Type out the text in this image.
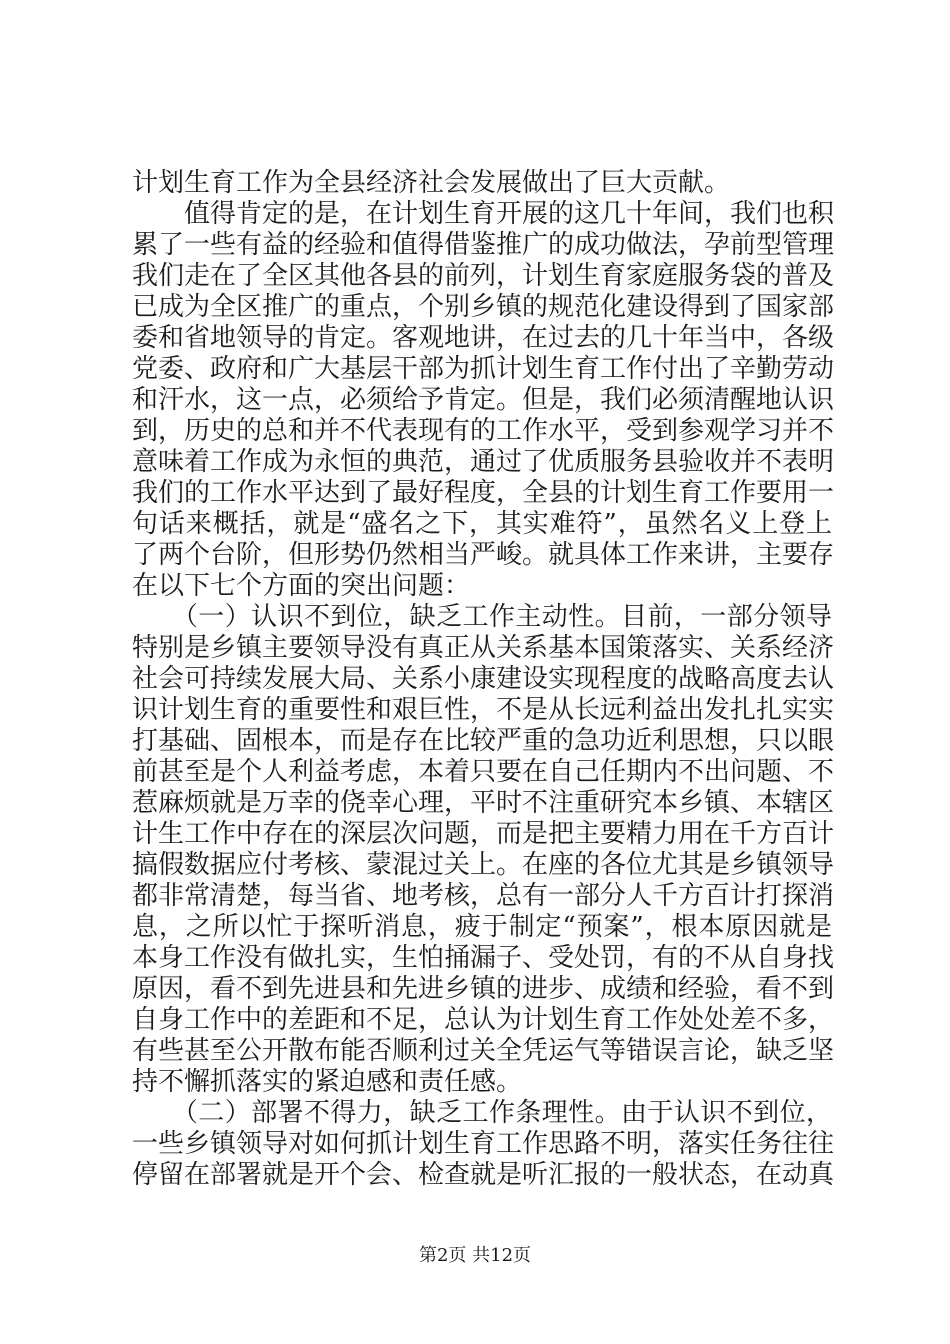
计划生育工作为全县经济社会发展做出了巨大贡献。
　　值得肯定的是，在计划生育开展的这几十年间，我们也积
累了一些有益的经验和值得借鉴推广的成功做法，孕前型管理
我们走在了全区其他各县的前列，计划生育家庭服务袋的普及
已成为全区推广的重点，个别乡镇的规范化建设得到了国家部
委和省地领导的肯定。客观地讲，在过去的几十年当中，各级
党委、政府和广大基层干部为抓计划生育工作付出了辛勤劳动
和汗水，这一点，必须给予肯定。但是，我们必须清醒地认识
到，历史的总和并不代表现有的工作水平，受到参观学习并不
意味着工作成为永恒的典范，通过了优质服务县验收并不表明
我们的工作水平达到了最好程度，全县的计划生育工作要用一
句话来概括，就是“盛名之下，其实难符”，虽然名义上登上
了两个台阶，但形势仍然相当严峻。就具体工作来讲，主要存
在以下七个方面的突出问题：
　　（一）认识不到位，缺乏工作主动性。目前，一部分领导
特别是乡镇主要领导没有真正从关系基本国策落实、关系经济
社会可持续发展大局、关系小康建设实现程度的战略高度去认
识计划生育的重要性和艰巨性，不是从长远利益出发扎扎实实
打基础、固根本，而是存在比较严重的急功近利思想，只以眼
前甚至是个人利益考虑，本着只要在自己任期内不出问题、不
惹麻烦就是万幸的侥幸心理，平时不注重研究本乡镇、本辖区
计生工作中存在的深层次问题，而是把主要精力用在千方百计
搞假数据应付考核、蒙混过关上。在座的各位尤其是乡镇领导
都非常清楚，每当省、地考核，总有一部分人千方百计打探消
息，之所以忙于探听消息，疲于制定“预案”，根本原因就是
本身工作没有做扎实，生怕捅漏子、受处罚，有的不从自身找
原因，看不到先进县和先进乡镇的进步、成绩和经验，看不到
自身工作中的差距和不足，总认为计划生育工作处处差不多，
有些甚至公开散布能否顺利过关全凭运气等错误言论，缺乏坚
持不懈抓落实的紧迫感和责任感。
　　（二）部署不得力，缺乏工作条理性。由于认识不到位，
一些乡镇领导对如何抓计划生育工作思路不明，落实任务往往
停留在部署就是开个会、检查就是听汇报的一般状态，在动真
第2页 共12页
